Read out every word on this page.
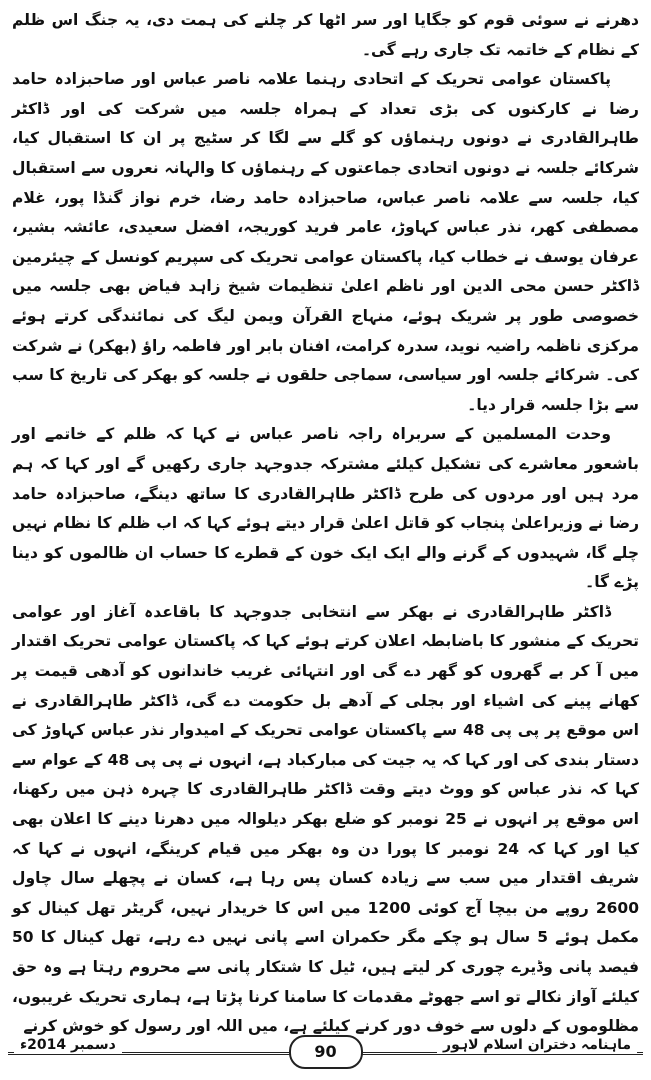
دھرنے نے سوئی قوم کو جگایا اور سر اٹھا کر چلنے کی ہمت دی، یہ جنگ اس ظلم کے نظام کے خاتمہ تک جاری رہے گی۔

پاکستان عوامی تحریک کے اتحادی رہنما علامہ ناصر عباس اور صاحبزادہ حامد رضا نے کارکنوں کی بڑی تعداد کے ہمراہ جلسہ میں شرکت کی اور ڈاکٹر طاہرالقادری نے دونوں رہنماؤں کو گلے سے لگا کر سٹیج پر ان کا استقبال کیا، شرکائے جلسہ نے دونوں اتحادی جماعتوں کے رہنماؤں کا والہانہ نعروں سے استقبال کیا، جلسہ سے علامہ ناصر عباس، صاحبزادہ حامد رضا، خرم نواز گنڈا پور، غلام مصطفی کھر، نذر عباس کہاوڑ، عامر فرید کوریجہ، افضل سعیدی، عائشہ بشیر، عرفان یوسف نے خطاب کیا، پاکستان عوامی تحریک کی سپریم کونسل کے چیئرمین ڈاکٹر حسن محی الدین اور ناظم اعلیٰ تنظیمات شیخ زاہد فیاض بھی جلسہ میں خصوصی طور پر شریک ہوئے، منہاج القرآن ویمن لیگ کی نمائندگی کرتے ہوئے مرکزی ناظمہ راضیہ نوید، سدرہ کرامت، افنان بابر اور فاطمہ راؤ (بھکر) نے شرکت کی۔ شرکائے جلسہ اور سیاسی، سماجی حلقوں نے جلسہ کو بھکر کی تاریخ کا سب سے بڑا جلسہ قرار دیا۔

وحدت المسلمین کے سربراہ راجہ ناصر عباس نے کہا کہ ظلم کے خاتمے اور باشعور معاشرے کی تشکیل کیلئے مشترکہ جدوجہد جاری رکھیں گے اور کہا کہ ہم مرد ہیں اور مردوں کی طرح ڈاکٹر طاہرالقادری کا ساتھ دینگے، صاحبزادہ حامد رضا نے وزیراعلیٰ پنجاب کو قاتل اعلیٰ قرار دیتے ہوئے کہا کہ اب ظلم کا نظام نہیں چلے گا، شہیدوں کے گرنے والے ایک ایک خون کے قطرے کا حساب ان ظالموں کو دینا پڑے گا۔

ڈاکٹر طاہرالقادری نے بھکر سے انتخابی جدوجہد کا باقاعدہ آغاز اور عوامی تحریک کے منشور کا باضابطہ اعلان کرتے ہوئے کہا کہ پاکستان عوامی تحریک اقتدار میں آ کر بے گھروں کو گھر دے گی اور انتہائی غریب خاندانوں کو آدھی قیمت پر کھانے پینے کی اشیاء اور بجلی کے آدھے بل حکومت دے گی، ڈاکٹر طاہرالقادری نے اس موقع پر پی پی 48 سے پاکستان عوامی تحریک کے امیدوار نذر عباس کہاوڑ کی دستار بندی کی اور کہا کہ یہ جیت کی مبارکباد ہے، انہوں نے پی پی 48 کے عوام سے کہا کہ نذر عباس کو ووٹ دیتے وقت ڈاکٹر طاہرالقادری کا چہرہ ذہن میں رکھنا، اس موقع پر انہوں نے 25 نومبر کو ضلع بھکر دیلوالہ میں دھرنا دینے کا اعلان بھی کیا اور کہا کہ 24 نومبر کا پورا دن وہ بھکر میں قیام کرینگے، انہوں نے کہا کہ شریف اقتدار میں سب سے زیادہ کسان پس رہا ہے، کسان نے پچھلے سال چاول 2600 روپے من بیچا آج کوئی 1200 میں اس کا خریدار نہیں، گریٹر تھل کینال کو مکمل ہوئے 5 سال ہو چکے مگر حکمران اسے پانی نہیں دے رہے، تھل کینال کا 50 فیصد پانی وڈیرے چوری کر لیتے ہیں، ٹیل کا شتکار پانی سے محروم رہتا ہے وہ حق کیلئے آواز نکالے تو اسے جھوٹے مقدمات کا سامنا کرنا پڑتا ہے، ہماری تحریک غریبوں، مظلوموں کے دلوں سے خوف دور کرنے کیلئے ہے، میں اللہ اور رسول کو خوش کرنے

ماہنامہ دختران اسلام لاہور
90
دسمبر 2014ء
